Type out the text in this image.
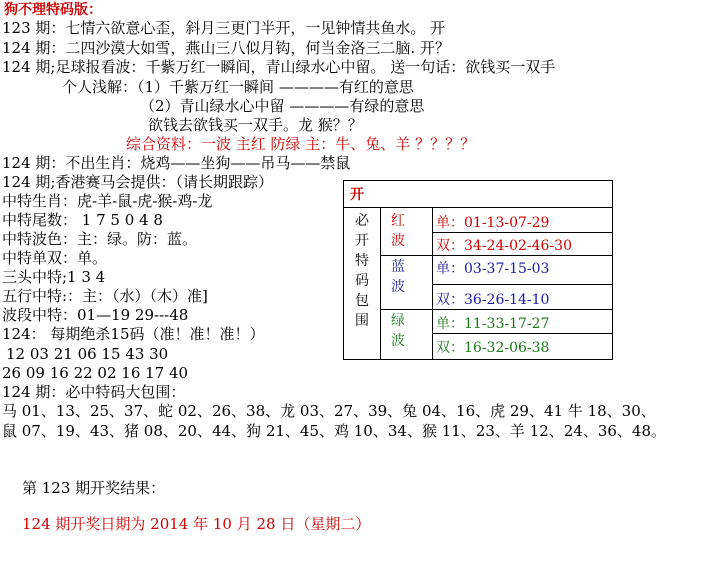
狗不理特码版：
123 期：七情六欲意心歪，斜月三更门半开，一见钟情共鱼水。 开
124 期：二四沙漠大如雪，燕山三八似月钩，何当金洛三二脑. 开？
124 期;足球报看波：千紫万红一瞬间，青山绿水心中留。 送一句话：欲钱买一双手
个人浅解：（1）千紫万红一瞬间 ————有红的意思
（2）青山绿水心中留 ————有绿的意思
欲钱去欲钱买一双手。龙 猴？？
综合资料：一波 主红 防绿 主：牛、兔、羊 ？？？？
124 期：不出生肖：烧鸡——坐狗——吊马——禁鼠
124 期;香港赛马会提供：（请长期跟踪）
中特生肖：虎-羊-鼠-虎-猴-鸡-龙
中特尾数： 1 7 5 0 4 8
中特波色：主：绿。防：蓝。
中特单双：单。
三头中特;1 3 4
五行中特:：主：（水）（木）准]
波段中特：01—19 29---48
124： 每期绝杀15码（准！准！准！）
12 03 21 06 15 43 30
26 09 16 22 02 16 17 40
124 期：必中特码大包围：
马 01、13、25、37、蛇 02、26、38、龙 03、27、39、兔 04、16、虎 29、41 牛 18、30、
鼠 07、19、43、猪 08、20、44、狗 21、45、鸡 10、34、猴 11、23、羊 12、24、36、48。
第 123 期开奖结果：
124 期开奖日期为 2014 年 10 月 28 日（星期二）
开
必
开
特
码
包
围
红
波
蓝
波
绿
波
单：01-13-07-29
双：34-24-02-46-30
单：03-37-15-03
双：36-26-14-10
单：11-33-17-27
双：16-32-06-38
